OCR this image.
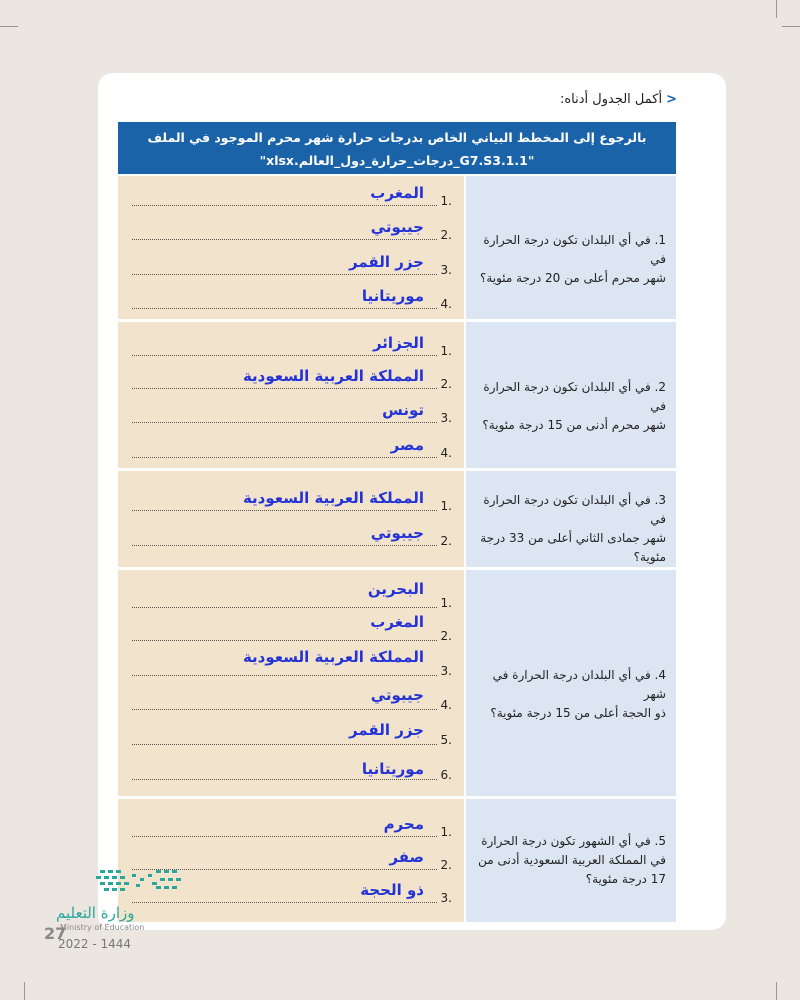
<أكمل الجدول أدناه:
بالرجوع إلى المخطط البياني الخاص بدرجات حرارة شهر محرم الموجود في الملف
"G7.S3.1.1_درجات_حرارة_دول_العالم.xlsx"
1. في أي البلدان تكون درجة الحرارة في
شهر محرم أعلى من 20 درجة مئوية؟
1.
المغرب
2.
جيبوتي
3.
جزر القمر
4.
موريتانيا
2. في أي البلدان تكون درجة الحرارة في
شهر محرم أدنى من 15 درجة مئوية؟
1.
الجزائر
2.
المملكة العربية السعودية
3.
تونس
4.
مصر
3. في أي البلدان تكون درجة الحرارة في
شهر جمادى الثاني أعلى من 33 درجة
مئوية؟
1.
المملكة العربية السعودية
2.
جيبوتي
4. في أي البلدان درجة الحرارة في شهر
ذو الحجة أعلى من 15 درجة مئوية؟
1.
البحرين
2.
المغرب
3.
المملكة العربية السعودية
4.
جيبوتي
5.
جزر القمر
6.
موريتانيا
5. في أي الشهور تكون درجة الحرارة
في المملكة العربية السعودية أدنى من
17 درجة مئوية؟
1.
محرم
2.
صفر
3.
ذو الحجة
وزارة التعليم
Ministry of Education
27
2022 - 1444
